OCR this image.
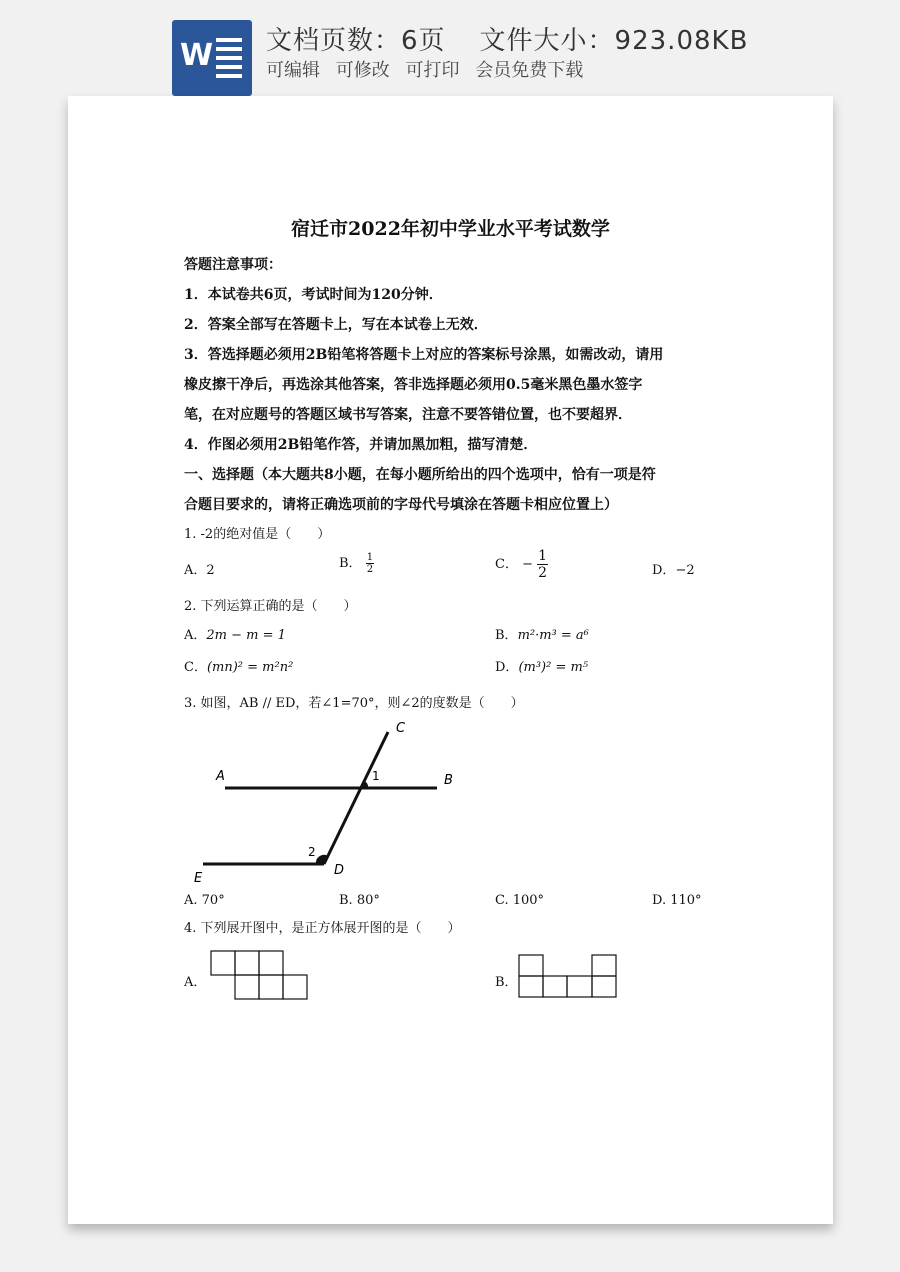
W 文档页数：6页 文件大小：923.08KB
可编辑 可修改 可打印 会员免费下载
宿迁市2022年初中学业水平考试数学
答题注意事项：
1．本试卷共6页，考试时间为120分钟．
2．答案全部写在答题卡上，写在本试卷上无效．
3．答选择题必须用2B铅笔将答题卡上对应的答案标号涂黑，如需改动，请用
橡皮擦干净后，再选涂其他答案，答非选择题必须用0.5毫米黑色墨水签字
笔，在对应题号的答题区域书写答案，注意不要答错位置，也不要超界．
4．作图必须用2B铅笔作答，并请加黑加粗，描写清楚．
一、选择题（本大题共8小题，在每小题所给出的四个选项中，恰有一项是符
合题目要求的，请将正确选项前的字母代号填涂在答题卡相应位置上）
1. -2的绝对值是（　　）
A．2	B． $\frac{1}{2}$	C． − $\frac{1}{2}$	D．−2
2. 下列运算正确的是（　　）
A．2m − m = 1	B．m²·m³ = a⁶
C．(mn)² = m²n²	D．(m³)² = m⁵
3. 如图，AB // ED，若∠1=70°，则∠2的度数是（　　）
A	B
C
D
E
1
2
A. 70°	B. 80°	C. 100°	D. 110°
4. 下列展开图中，是正方体展开图的是（　　）
A．	B．
